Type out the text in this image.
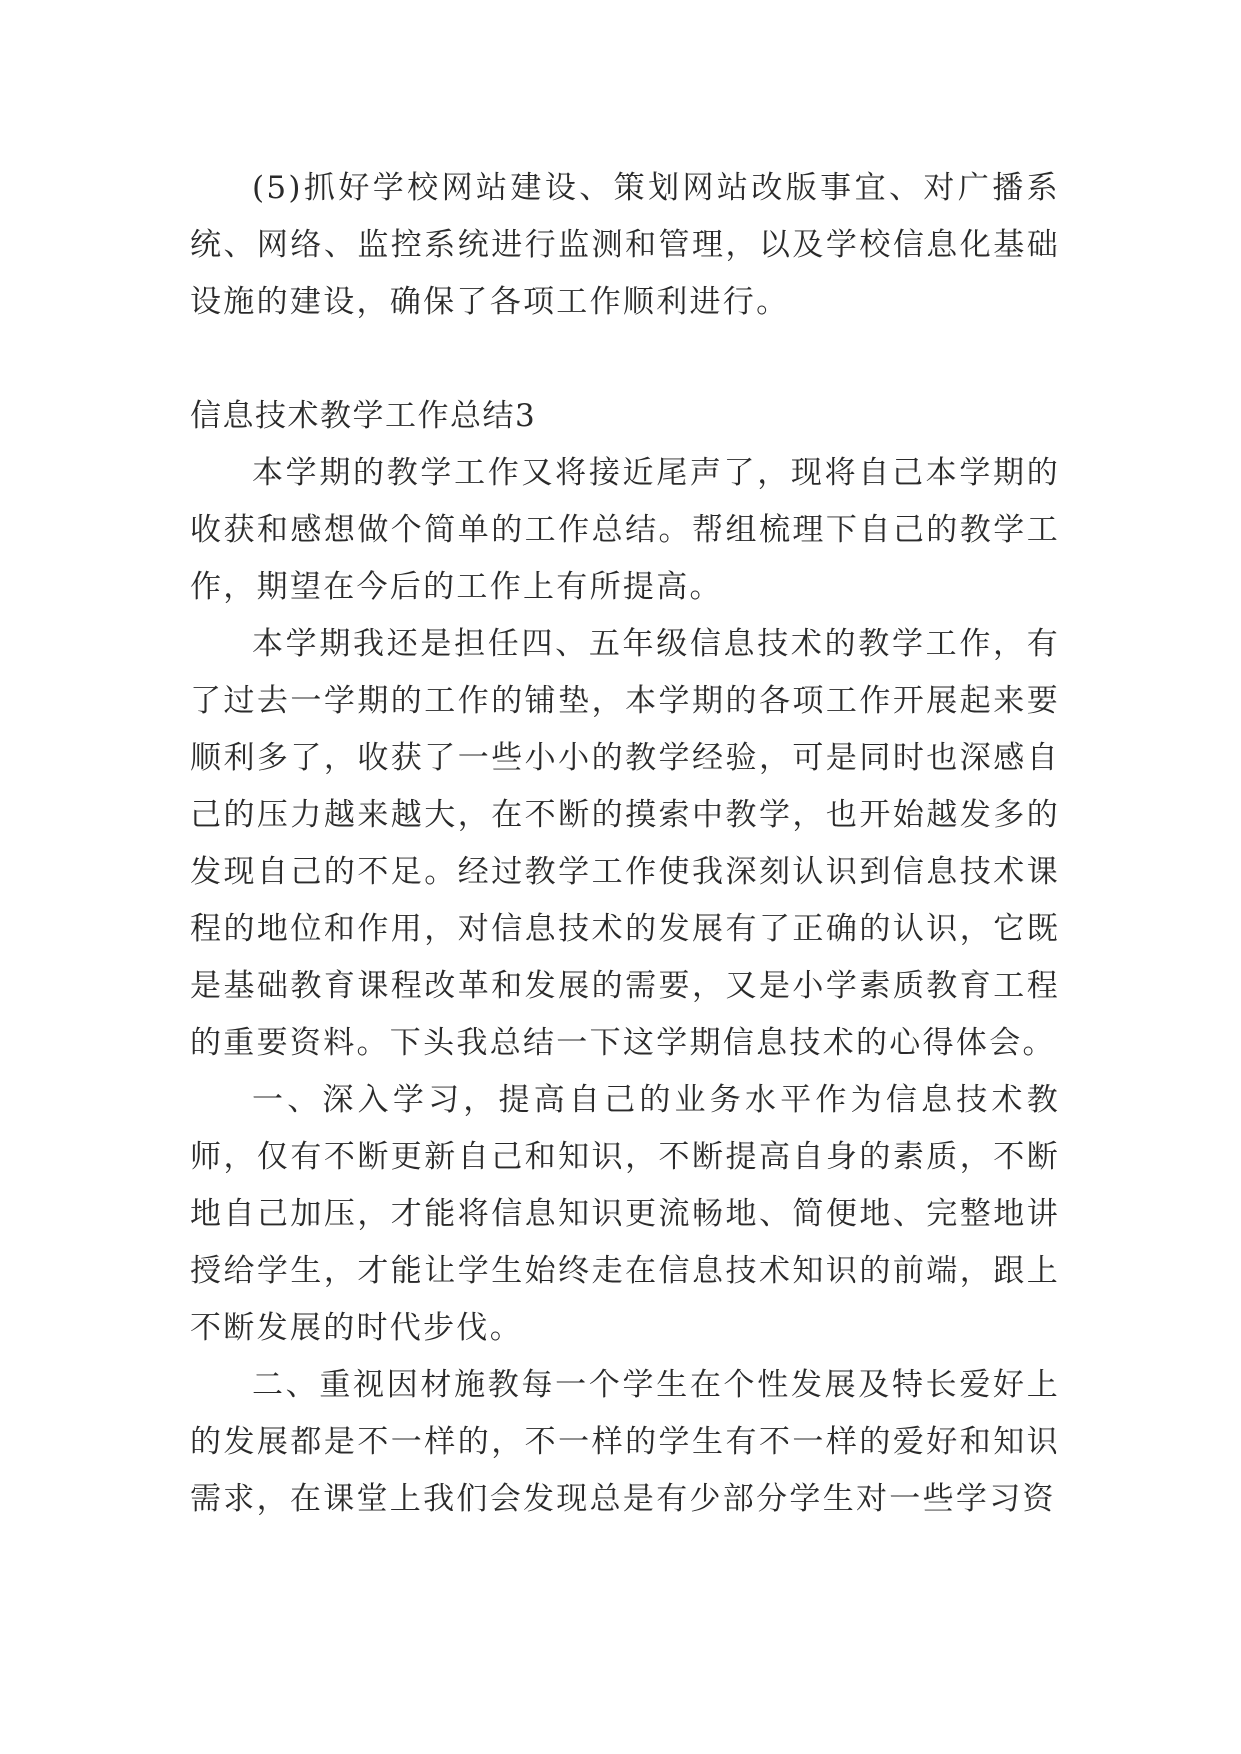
(5)抓好学校网站建设、策划网站改版事宜、对广播系统、网络、监控系统进行监测和管理，以及学校信息化基础设施的建设，确保了各项工作顺利进行。

信息技术教学工作总结3

本学期的教学工作又将接近尾声了，现将自己本学期的收获和感想做个简单的工作总结。帮组梳理下自己的教学工作，期望在今后的工作上有所提高。

本学期我还是担任四、五年级信息技术的教学工作，有了过去一学期的工作的铺垫，本学期的各项工作开展起来要顺利多了，收获了一些小小的教学经验，可是同时也深感自己的压力越来越大，在不断的摸索中教学，也开始越发多的发现自己的不足。经过教学工作使我深刻认识到信息技术课程的地位和作用，对信息技术的发展有了正确的认识，它既是基础教育课程改革和发展的需要，又是小学素质教育工程的重要资料。下头我总结一下这学期信息技术的心得体会。

一、深入学习，提高自己的业务水平作为信息技术教师，仅有不断更新自己和知识，不断提高自身的素质，不断地自己加压，才能将信息知识更流畅地、简便地、完整地讲授给学生，才能让学生始终走在信息技术知识的前端，跟上不断发展的时代步伐。

二、重视因材施教每一个学生在个性发展及特长爱好上的发展都是不一样的，不一样的学生有不一样的爱好和知识需求，在课堂上我们会发现总是有少部分学生对一些学习资
